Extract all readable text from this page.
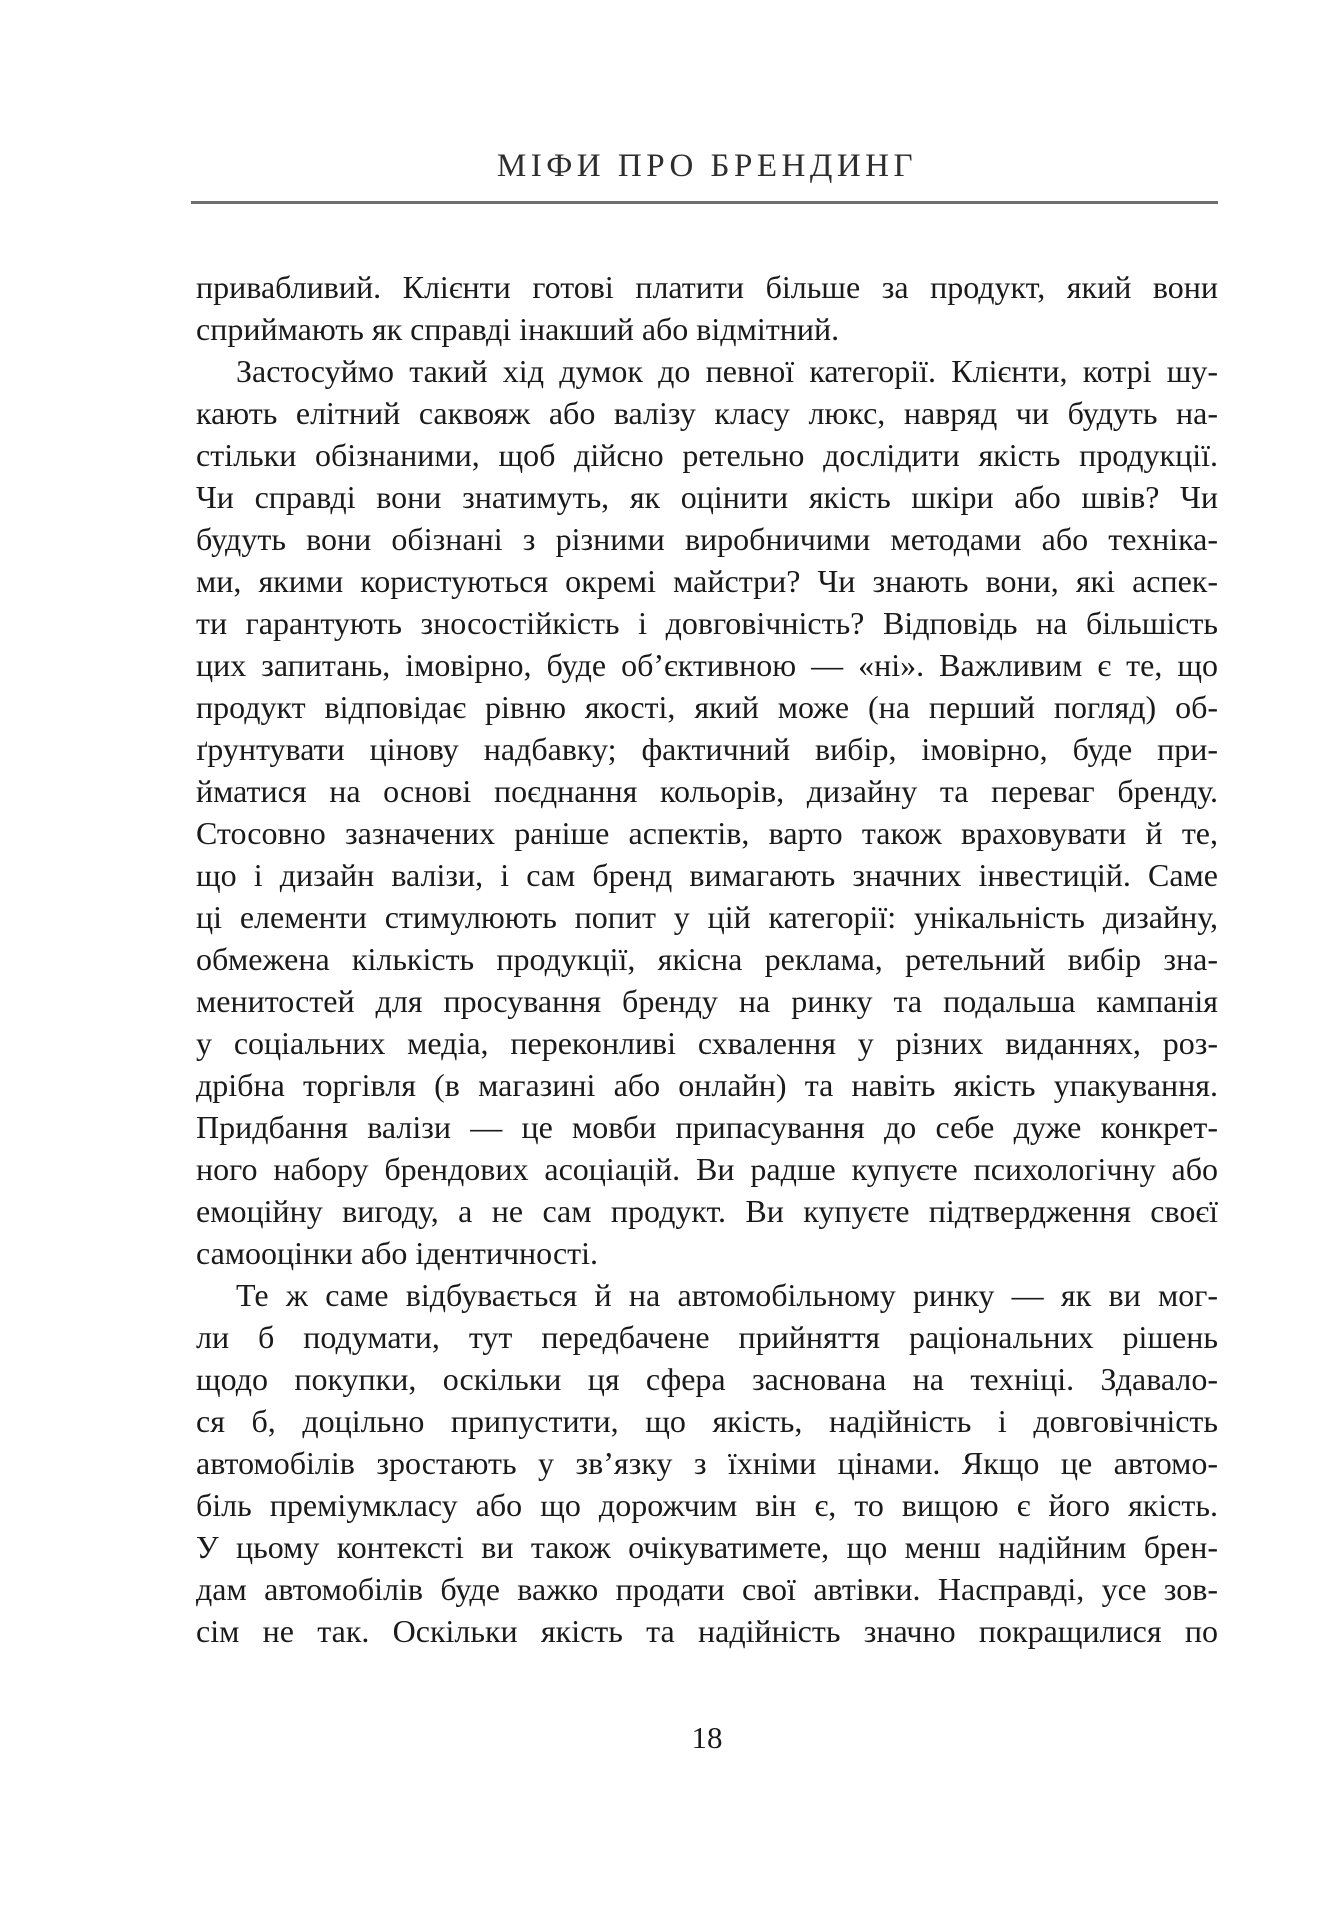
МІФИ ПРО БРЕНДИНГ

привабливий. Клієнти готові платити більше за продукт, який вони
сприймають як справді інакший або відмітний.

Застосуймо такий хід думок до певної категорії. Клієнти, котрі шу-
кають елітний саквояж або валізу класу люкс, навряд чи будуть на-
стільки обізнаними, щоб дійсно ретельно дослідити якість продукції.
Чи справді вони знатимуть, як оцінити якість шкіри або швів? Чи
будуть вони обізнані з різними виробничими методами або техніка-
ми, якими користуються окремі майстри? Чи знають вони, які аспек-
ти гарантують зносостійкість і довговічність? Відповідь на більшість
цих запитань, імовірно, буде об’єктивною — «ні». Важливим є те, що
продукт відповідає рівню якості, який може (на перший погляд) об-
ґрунтувати цінову надбавку; фактичний вибір, імовірно, буде при-
йматися на основі поєднання кольорів, дизайну та переваг бренду.
Стосовно зазначених раніше аспектів, варто також враховувати й те,
що і дизайн валізи, і сам бренд вимагають значних інвестицій. Саме
ці елементи стимулюють попит у цій категорії: унікальність дизайну,
обмежена кількість продукції, якісна реклама, ретельний вибір зна-
менитостей для просування бренду на ринку та подальша кампанія
у соціальних медіа, переконливі схвалення у різних виданнях, роз-
дрібна торгівля (в магазині або онлайн) та навіть якість упакування.
Придбання валізи — це мовби припасування до себе дуже конкрет-
ного набору брендових асоціацій. Ви радше купуєте психологічну або
емоційну вигоду, а не сам продукт. Ви купуєте підтвердження своєї
самооцінки або ідентичності.

Те ж саме відбувається й на автомобільному ринку — як ви мог-
ли б подумати, тут передбачене прийняття раціональних рішень
щодо покупки, оскільки ця сфера заснована на техніці. Здавало-
ся б, доцільно припустити, що якість, надійність і довговічність
автомобілів зростають у зв’язку з їхніми цінами. Якщо це автомо-
біль преміумкласу або що дорожчим він є, то вищою є його якість.
У цьому контексті ви також очікуватимете, що менш надійним брен-
дам автомобілів буде важко продати свої автівки. Насправді, усе зов-
сім не так. Оскільки якість та надійність значно покращилися по

18
